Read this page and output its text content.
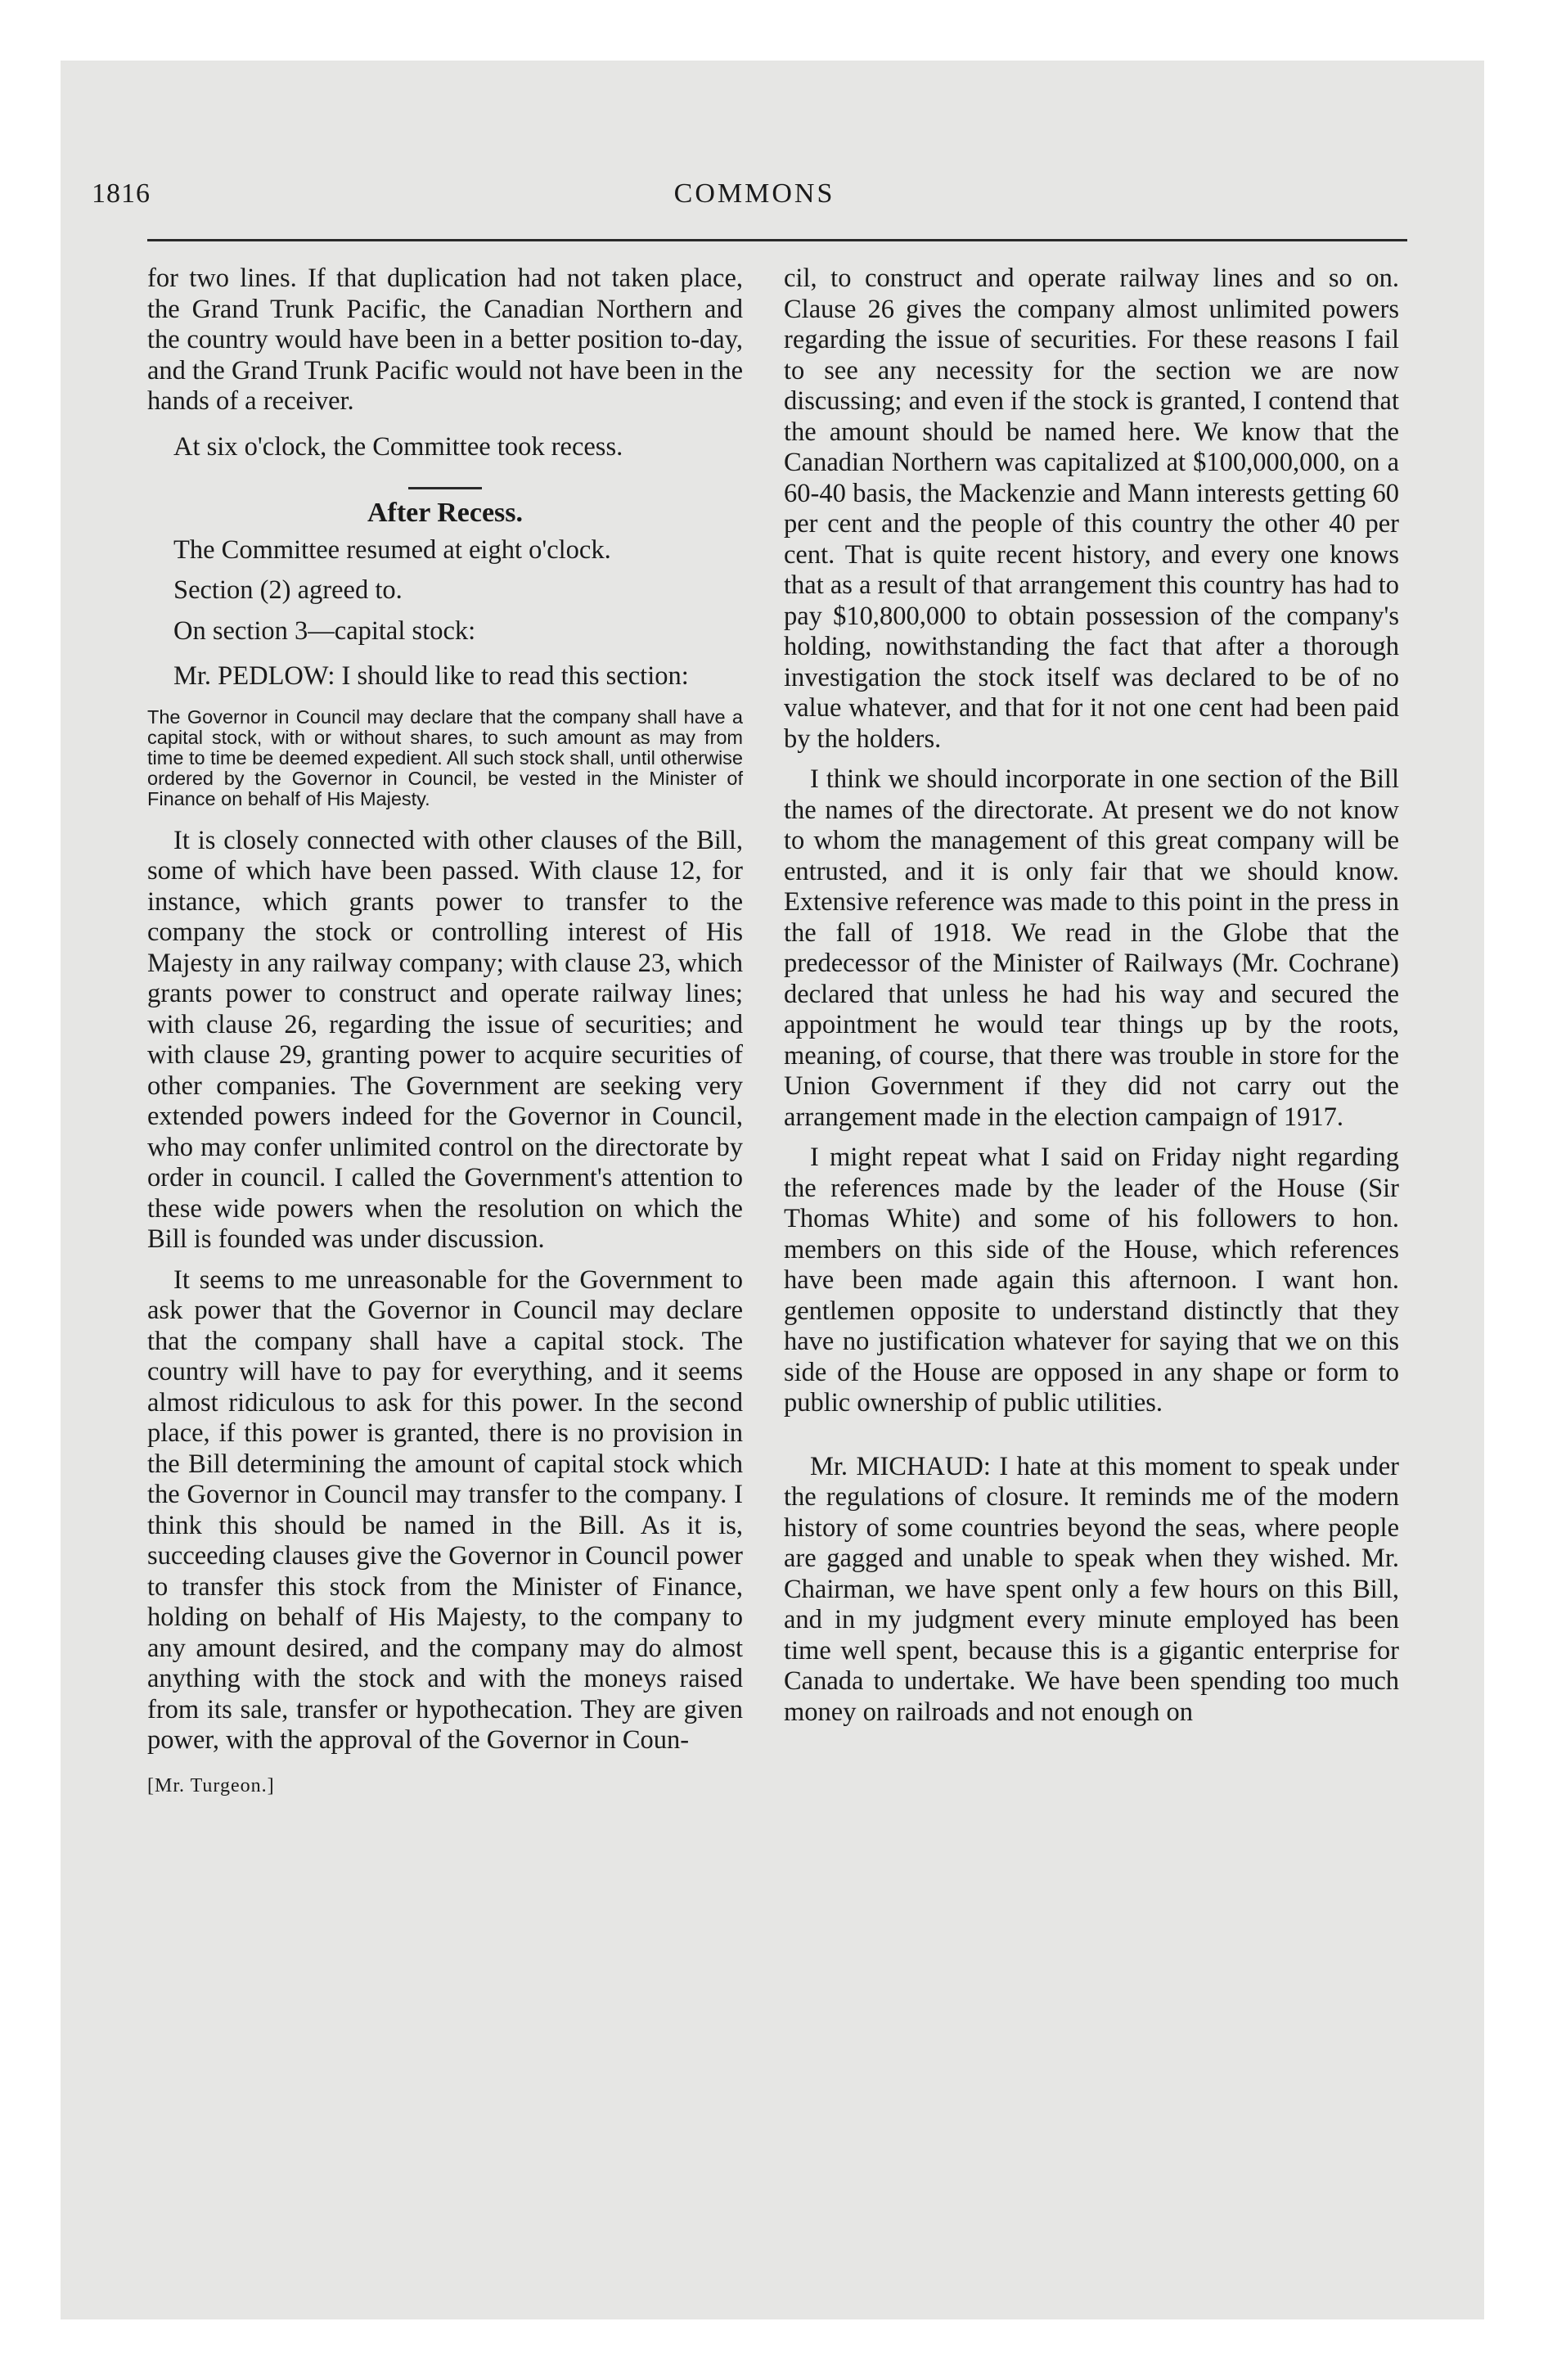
1816	COMMONS

for two lines. If that duplication had not taken place, the Grand Trunk Pacific, the Canadian Northern and the country would have been in a better position to-day, and the Grand Trunk Pacific would not have been in the hands of a receiver.

At six o'clock, the Committee took recess.

After Recess.

The Committee resumed at eight o'clock.

Section (2) agreed to.

On section 3—capital stock:

Mr. PEDLOW: I should like to read this section:

The Governor in Council may declare that the company shall have a capital stock, with or without shares, to such amount as may from time to time be deemed expedient. All such stock shall, until otherwise ordered by the Governor in Council, be vested in the Minister of Finance on behalf of His Majesty.

It is closely connected with other clauses of the Bill, some of which have been passed. With clause 12, for instance, which grants power to transfer to the company the stock or controlling interest of His Majesty in any railway company; with clause 23, which grants power to construct and operate railway lines; with clause 26, regarding the issue of securities; and with clause 29, granting power to acquire securities of other companies. The Government are seeking very extended powers indeed for the Governor in Council, who may confer unlimited control on the directorate by order in council. I called the Government's attention to these wide powers when the resolution on which the Bill is founded was under discussion.

It seems to me unreasonable for the Government to ask power that the Governor in Council may declare that the company shall have a capital stock. The country will have to pay for everything, and it seems almost ridiculous to ask for this power. In the second place, if this power is granted, there is no provision in the Bill determining the amount of capital stock which the Governor in Council may transfer to the company. I think this should be named in the Bill. As it is, succeeding clauses give the Governor in Council power to transfer this stock from the Minister of Finance, holding on behalf of His Majesty, to the company to any amount desired, and the company may do almost anything with the stock and with the moneys raised from its sale, transfer or hypothecation. They are given power, with the approval of the Governor in Coun-

[Mr. Turgeon.]

cil, to construct and operate railway lines and so on. Clause 26 gives the company almost unlimited powers regarding the issue of securities. For these reasons I fail to see any necessity for the section we are now discussing; and even if the stock is granted, I contend that the amount should be named here. We know that the Canadian Northern was capitalized at $100,000,000, on a 60-40 basis, the Mackenzie and Mann interests getting 60 per cent and the people of this country the other 40 per cent. That is quite recent history, and every one knows that as a result of that arrangement this country has had to pay $10,800,000 to obtain possession of the company's holding, nowithstanding the fact that after a thorough investigation the stock itself was declared to be of no value whatever, and that for it not one cent had been paid by the holders.

I think we should incorporate in one section of the Bill the names of the directorate. At present we do not know to whom the management of this great company will be entrusted, and it is only fair that we should know. Extensive reference was made to this point in the press in the fall of 1918. We read in the Globe that the predecessor of the Minister of Railways (Mr. Cochrane) declared that unless he had his way and secured the appointment he would tear things up by the roots, meaning, of course, that there was trouble in store for the Union Government if they did not carry out the arrangement made in the election campaign of 1917.

I might repeat what I said on Friday night regarding the references made by the leader of the House (Sir Thomas White) and some of his followers to hon. members on this side of the House, which references have been made again this afternoon. I want hon. gentlemen opposite to understand distinctly that they have no justification whatever for saying that we on this side of the House are opposed in any shape or form to public ownership of public utilities.

Mr. MICHAUD: I hate at this moment to speak under the regulations of closure. It reminds me of the modern history of some countries beyond the seas, where people are gagged and unable to speak when they wished. Mr. Chairman, we have spent only a few hours on this Bill, and in my judgment every minute employed has been time well spent, because this is a gigantic enterprise for Canada to undertake. We have been spending too much money on railroads and not enough on
